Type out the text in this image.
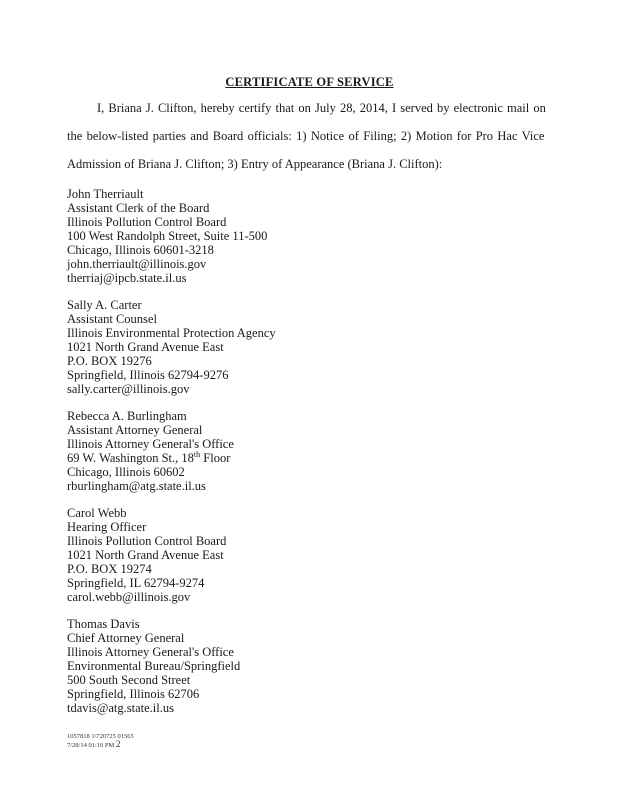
CERTIFICATE OF SERVICE
I, Briana J. Clifton, hereby certify that on July 28, 2014, I served by electronic mail on
the below-listed parties and Board officials: 1) Notice of Filing; 2) Motion for Pro Hac Vice
Admission of Briana J. Clifton; 3) Entry of Appearance (Briana J. Clifton):
John Therriault
Assistant Clerk of the Board
Illinois Pollution Control Board
100 West Randolph Street, Suite 11-500
Chicago, Illinois 60601-3218
john.therriault@illinois.gov
therriaj@ipcb.state.il.us
Sally A. Carter
Assistant Counsel
Illinois Environmental Protection Agency
1021 North Grand Avenue East
P.O. BOX 19276
Springfield, Illinois 62794-9276
sally.carter@illinois.gov
Rebecca A. Burlingham
Assistant Attorney General
Illinois Attorney General's Office
69 W. Washington St., 18th Floor
Chicago, Illinois 60602
rburlingham@atg.state.il.us
Carol Webb
Hearing Officer
Illinois Pollution Control Board
1021 North Grand Avenue East
P.O. BOX 19274
Springfield, IL 62794-9274
carol.webb@illinois.gov
Thomas Davis
Chief Attorney General
Illinois Attorney General's Office
Environmental Bureau/Springfield
500 South Second Street
Springfield, Illinois 62706
tdavis@atg.state.il.us
1057818 1\720725 01565
7/28/14 01:10 PM 2
